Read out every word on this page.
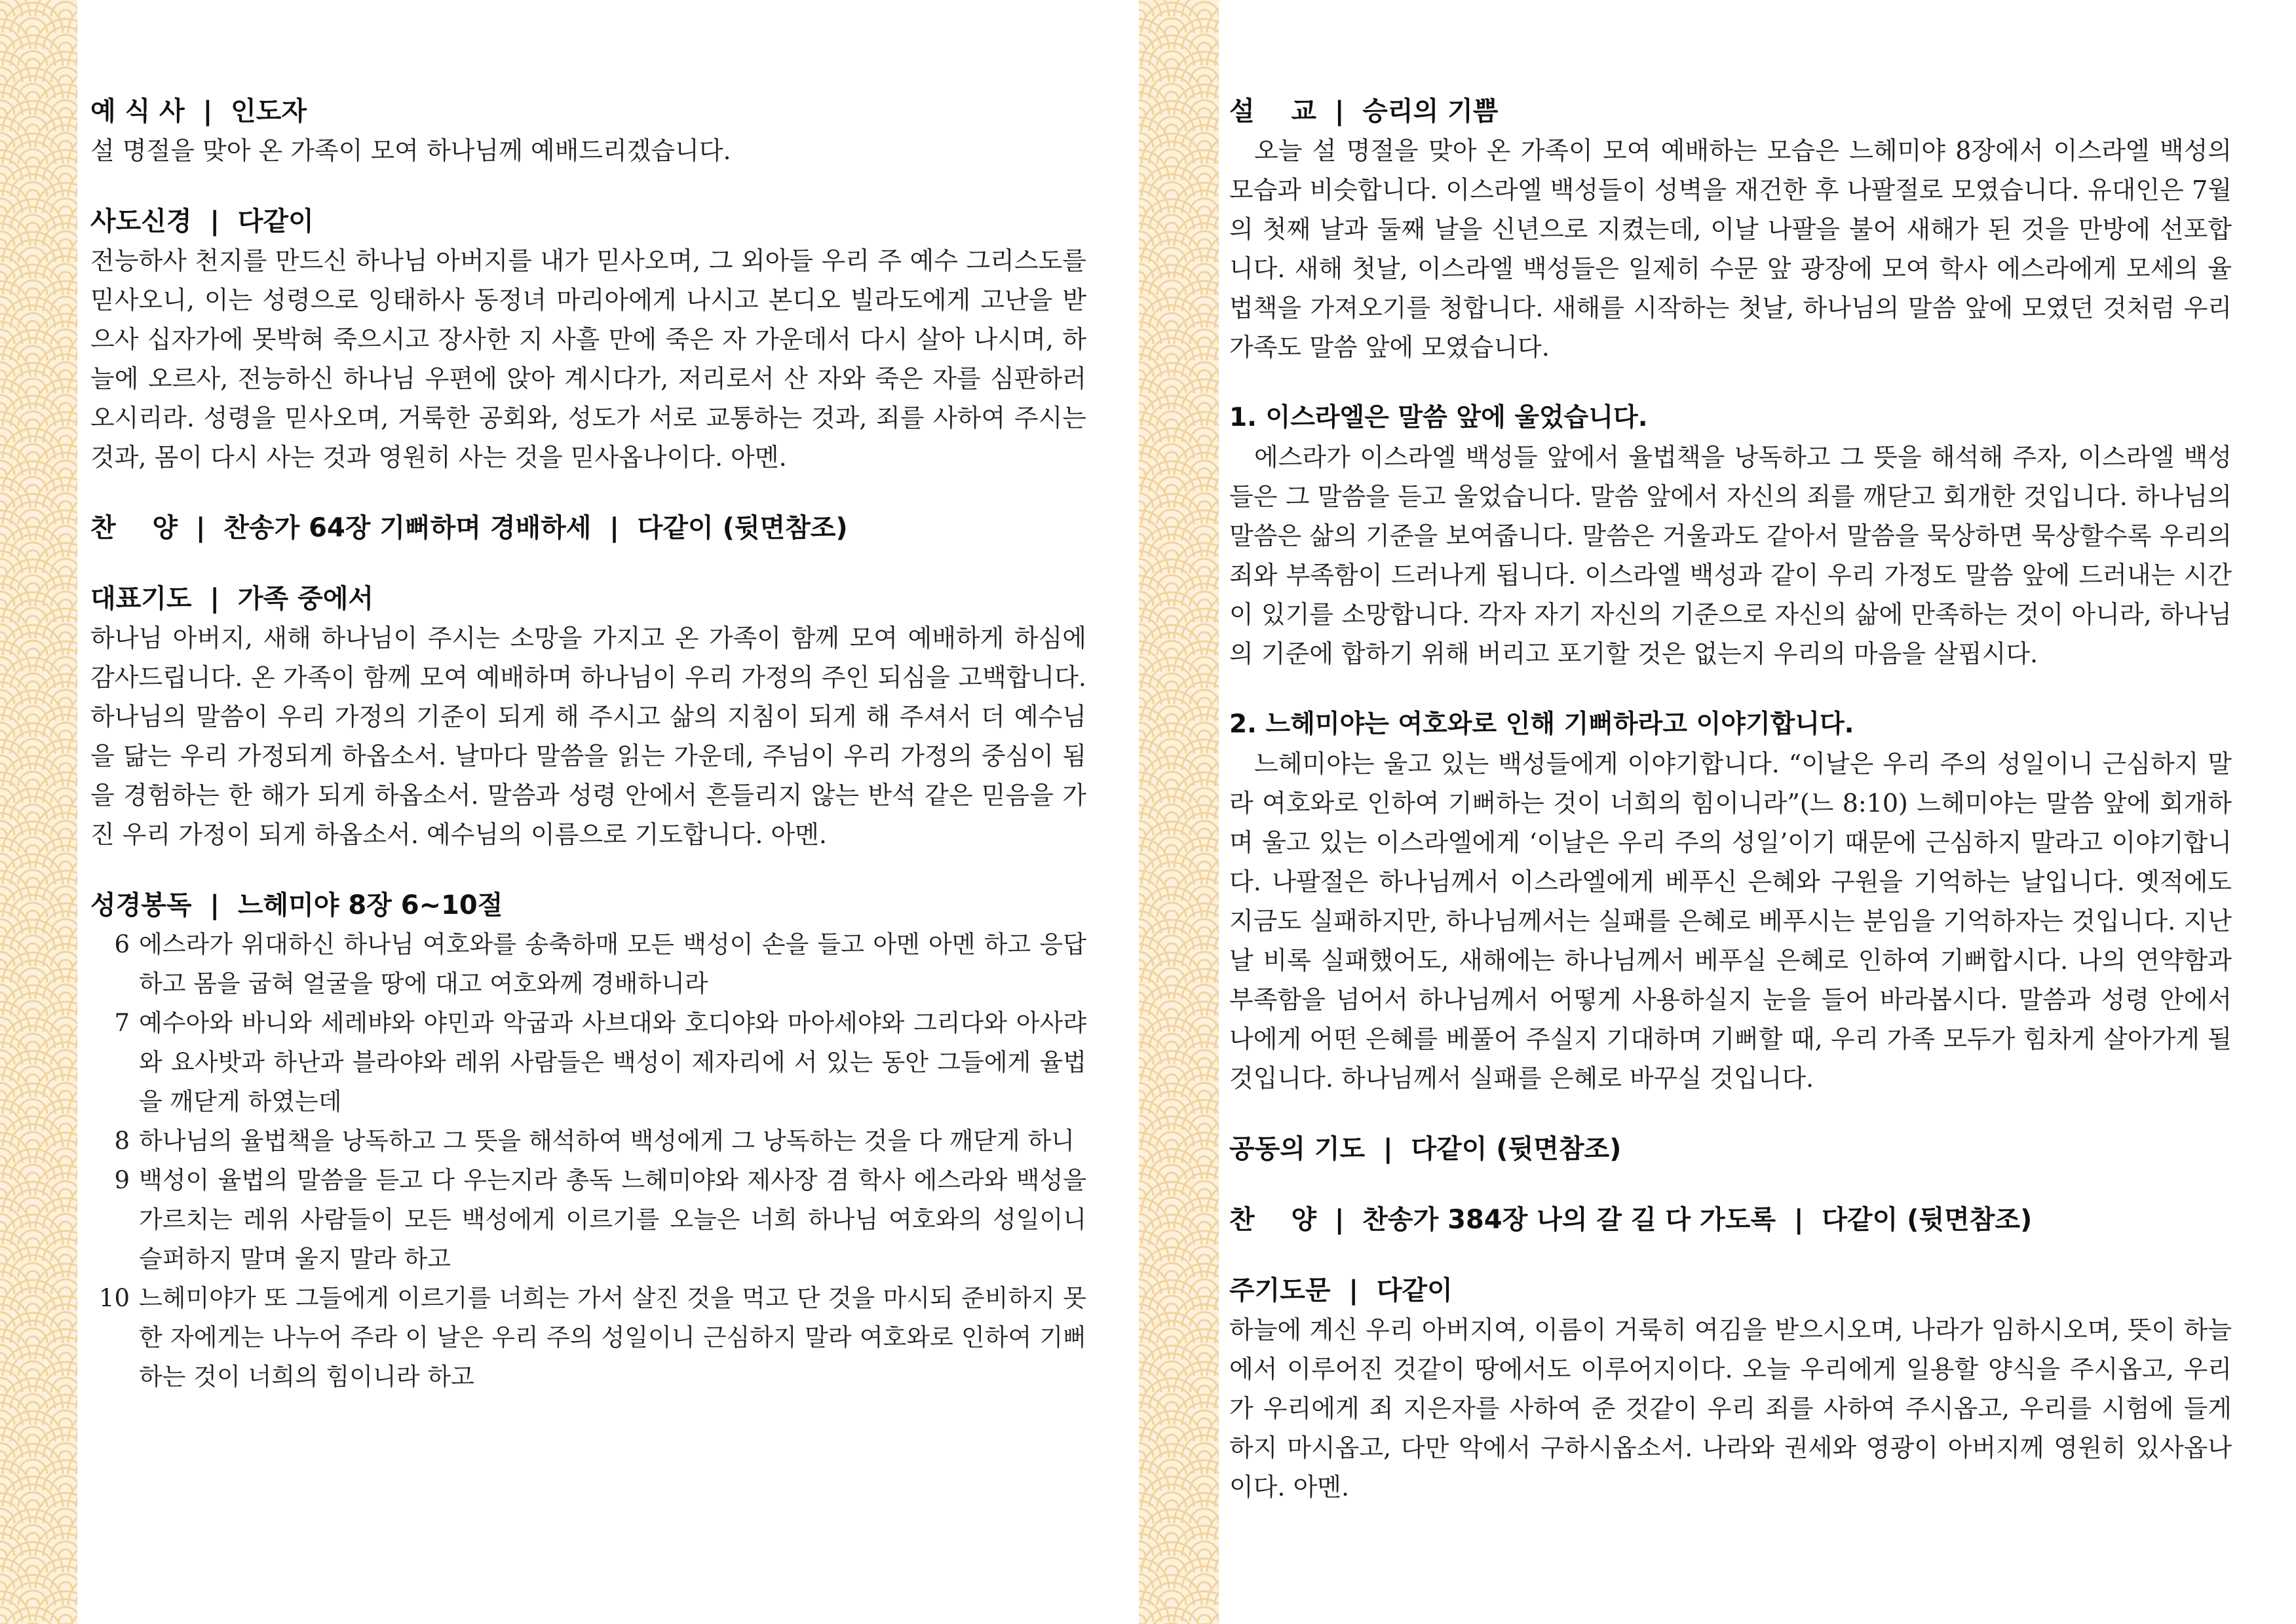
예 식 사  |  인도자

설 명절을 맞아 온 가족이 모여 하나님께 예배드리겠습니다.

사도신경  |  다같이

전능하사 천지를 만드신 하나님 아버지를 내가 믿사오며, 그 외아들 우리 주 예수 그리스도를 믿사오니, 이는 성령으로 잉태하사 동정녀 마리아에게 나시고 본디오 빌라도에게 고난을 받으사 십자가에 못박혀 죽으시고 장사한 지 사흘 만에 죽은 자 가운데서 다시 살아 나시며, 하늘에 오르사, 전능하신 하나님 우편에 앉아 계시다가, 저리로서 산 자와 죽은 자를 심판하러 오시리라. 성령을 믿사오며, 거룩한 공회와, 성도가 서로 교통하는 것과, 죄를 사하여 주시는 것과, 몸이 다시 사는 것과 영원히 사는 것을 믿사옵나이다. 아멘.

찬    양  |  찬송가 64장 기뻐하며 경배하세  |  다같이 (뒷면참조)
대표기도  |  가족 중에서

하나님 아버지, 새해 하나님이 주시는 소망을 가지고 온 가족이 함께 모여 예배하게 하심에 감사드립니다. 온 가족이 함께 모여 예배하며 하나님이 우리 가정의 주인 되심을 고백합니다. 하나님의 말씀이 우리 가정의 기준이 되게 해 주시고 삶의 지침이 되게 해 주셔서 더 예수님을 닮는 우리 가정되게 하옵소서. 날마다 말씀을 읽는 가운데, 주님이 우리 가정의 중심이 됨을 경험하는 한 해가 되게 하옵소서. 말씀과 성령 안에서 흔들리지 않는 반석 같은 믿음을 가진 우리 가정이 되게 하옵소서. 예수님의 이름으로 기도합니다. 아멘.

성경봉독  |  느헤미야 8장 6~10절
6 에스라가 위대하신 하나님 여호와를 송축하매 모든 백성이 손을 들고 아멘 아멘 하고 응답하고 몸을 굽혀 얼굴을 땅에 대고 여호와께 경배하니라
7 예수아와 바니와 세레뱌와 야민과 악굽과 사브대와 호디야와 마아세야와 그리다와 아사랴와 요사밧과 하난과 블라야와 레위 사람들은 백성이 제자리에 서 있는 동안 그들에게 율법을 깨닫게 하였는데
8 하나님의 율법책을 낭독하고 그 뜻을 해석하여 백성에게 그 낭독하는 것을 다 깨닫게 하니
9 백성이 율법의 말씀을 듣고 다 우는지라 총독 느헤미야와 제사장 겸 학사 에스라와 백성을 가르치는 레위 사람들이 모든 백성에게 이르기를 오늘은 너희 하나님 여호와의 성일이니 슬퍼하지 말며 울지 말라 하고
10 느헤미야가 또 그들에게 이르기를 너희는 가서 살진 것을 먹고 단 것을 마시되 준비하지 못한 자에게는 나누어 주라 이 날은 우리 주의 성일이니 근심하지 말라 여호와로 인하여 기뻐하는 것이 너희의 힘이니라 하고
설    교  |  승리의 기쁨

오늘 설 명절을 맞아 온 가족이 모여 예배하는 모습은 느헤미야 8장에서 이스라엘 백성의 모습과 비슷합니다. 이스라엘 백성들이 성벽을 재건한 후 나팔절로 모였습니다. 유대인은 7월의 첫째 날과 둘째 날을 신년으로 지켰는데, 이날 나팔을 불어 새해가 된 것을 만방에 선포합니다. 새해 첫날, 이스라엘 백성들은 일제히 수문 앞 광장에 모여 학사 에스라에게 모세의 율법책을 가져오기를 청합니다. 새해를 시작하는 첫날, 하나님의 말씀 앞에 모였던 것처럼 우리 가족도 말씀 앞에 모였습니다.

1. 이스라엘은 말씀 앞에 울었습니다.

에스라가 이스라엘 백성들 앞에서 율법책을 낭독하고 그 뜻을 해석해 주자, 이스라엘 백성들은 그 말씀을 듣고 울었습니다. 말씀 앞에서 자신의 죄를 깨닫고 회개한 것입니다. 하나님의 말씀은 삶의 기준을 보여줍니다. 말씀은 거울과도 같아서 말씀을 묵상하면 묵상할수록 우리의 죄와 부족함이 드러나게 됩니다. 이스라엘 백성과 같이 우리 가정도 말씀 앞에 드러내는 시간이 있기를 소망합니다. 각자 자기 자신의 기준으로 자신의 삶에 만족하는 것이 아니라, 하나님의 기준에 합하기 위해 버리고 포기할 것은 없는지 우리의 마음을 살핍시다.

2. 느헤미야는 여호와로 인해 기뻐하라고 이야기합니다.

느헤미야는 울고 있는 백성들에게 이야기합니다. “이날은 우리 주의 성일이니 근심하지 말라 여호와로 인하여 기뻐하는 것이 너희의 힘이니라”(느 8:10) 느헤미야는 말씀 앞에 회개하며 울고 있는 이스라엘에게 ‘이날은 우리 주의 성일’이기 때문에 근심하지 말라고 이야기합니다. 나팔절은 하나님께서 이스라엘에게 베푸신 은혜와 구원을 기억하는 날입니다. 옛적에도 지금도 실패하지만, 하나님께서는 실패를 은혜로 베푸시는 분임을 기억하자는 것입니다. 지난날 비록 실패했어도, 새해에는 하나님께서 베푸실 은혜로 인하여 기뻐합시다. 나의 연약함과 부족함을 넘어서 하나님께서 어떻게 사용하실지 눈을 들어 바라봅시다. 말씀과 성령 안에서 나에게 어떤 은혜를 베풀어 주실지 기대하며 기뻐할 때, 우리 가족 모두가 힘차게 살아가게 될 것입니다. 하나님께서 실패를 은혜로 바꾸실 것입니다.

공동의 기도  |  다같이 (뒷면참조)
찬    양  |  찬송가 384장 나의 갈 길 다 가도록  |  다같이 (뒷면참조)
주기도문  |  다같이

하늘에 계신 우리 아버지여, 이름이 거룩히 여김을 받으시오며, 나라가 임하시오며, 뜻이 하늘에서 이루어진 것같이 땅에서도 이루어지이다. 오늘 우리에게 일용할 양식을 주시옵고, 우리가 우리에게 죄 지은자를 사하여 준 것같이 우리 죄를 사하여 주시옵고, 우리를 시험에 들게 하지 마시옵고, 다만 악에서 구하시옵소서. 나라와 권세와 영광이 아버지께 영원히 있사옵나이다. 아멘.
